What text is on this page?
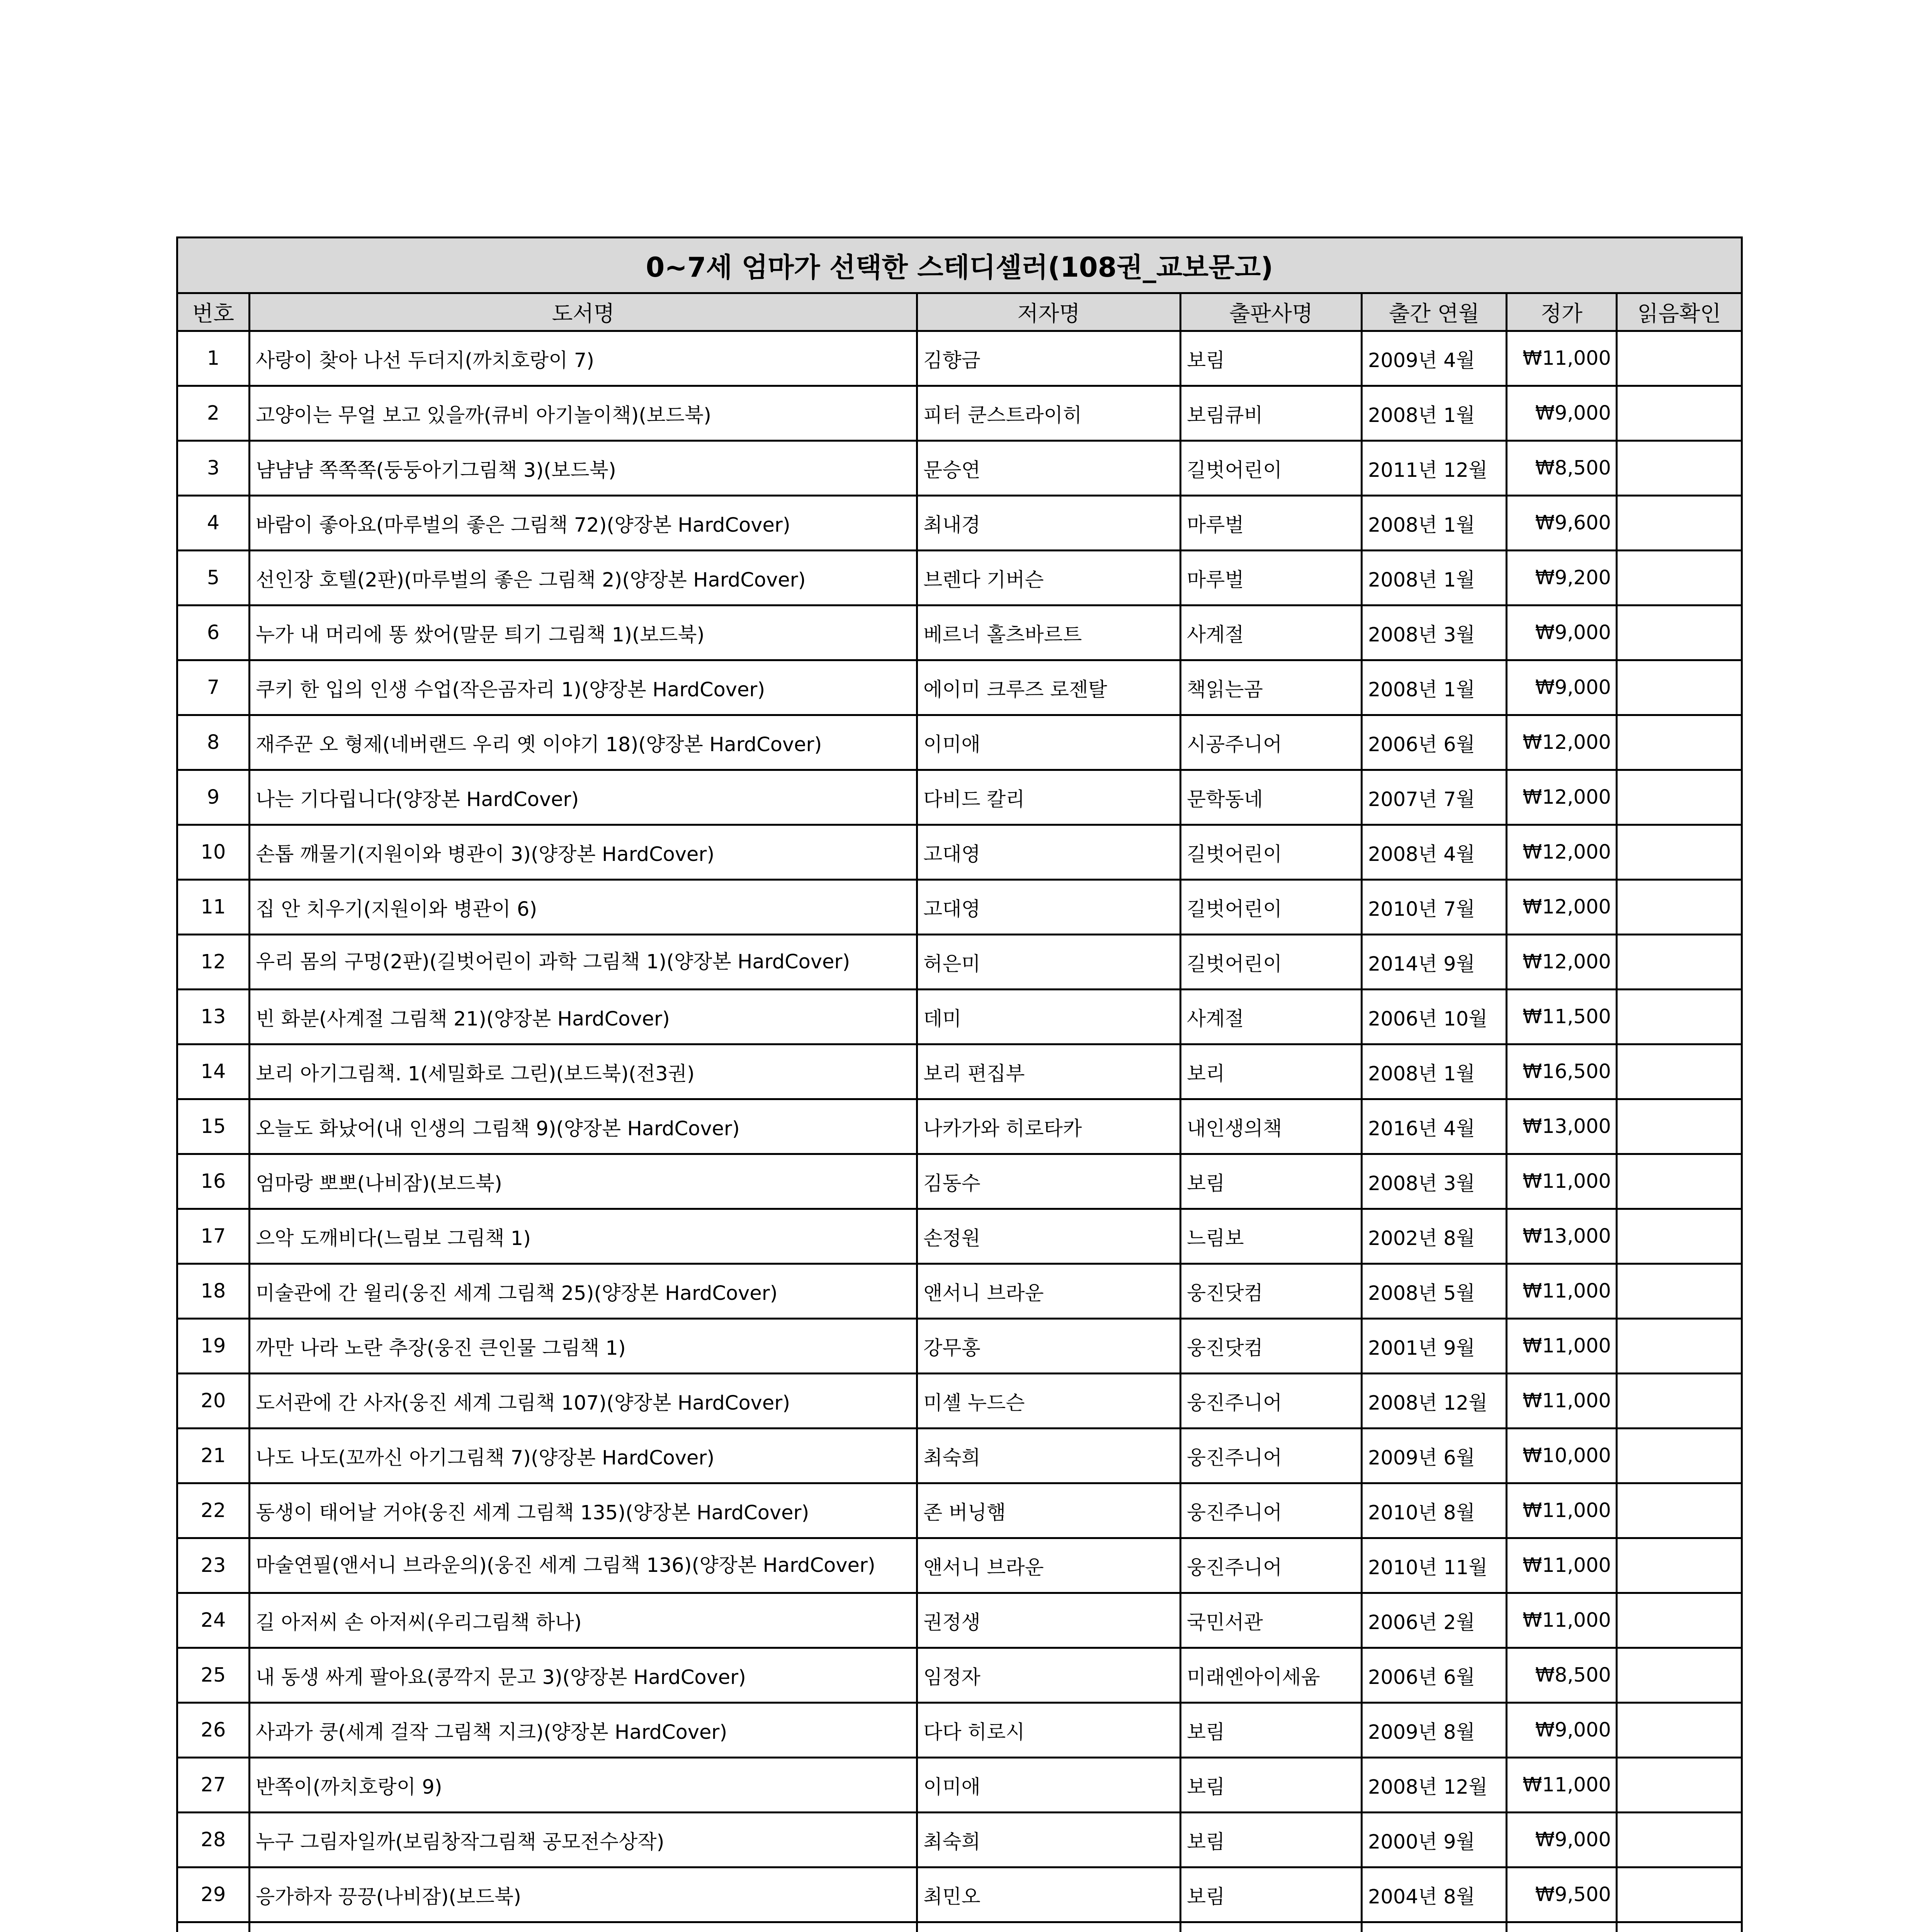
0~7세 엄마가 선택한 스테디셀러(108권_교보문고)						
번호	도서명	저자명	출판사명	출간 연월	정가	읽음확인
1	사랑이 찾아 나선 두더지(까치호랑이 7)	김향금	보림	2009년 4월	₩11,000	
2	고양이는 무얼 보고 있을까(큐비 아기놀이책)(보드북)	피터 쿤스트라이히	보림큐비	2008년 1월	₩9,000	
3	냠냠냠 쪽쪽쪽(둥둥아기그림책 3)(보드북)	문승연	길벗어린이	2011년 12월	₩8,500	
4	바람이 좋아요(마루벌의 좋은 그림책 72)(양장본 HardCover)	최내경	마루벌	2008년 1월	₩9,600	
5	선인장 호텔(2판)(마루벌의 좋은 그림책 2)(양장본 HardCover)	브렌다 기버슨	마루벌	2008년 1월	₩9,200	
6	누가 내 머리에 똥 쌌어(말문 틔기 그림책 1)(보드북)	베르너 홀츠바르트	사계절	2008년 3월	₩9,000	
7	쿠키 한 입의 인생 수업(작은곰자리 1)(양장본 HardCover)	에이미 크루즈 로젠탈	책읽는곰	2008년 1월	₩9,000	
8	재주꾼 오 형제(네버랜드 우리 옛 이야기 18)(양장본 HardCover)	이미애	시공주니어	2006년 6월	₩12,000	
9	나는 기다립니다(양장본 HardCover)	다비드 칼리	문학동네	2007년 7월	₩12,000	
10	손톱 깨물기(지원이와 병관이 3)(양장본 HardCover)	고대영	길벗어린이	2008년 4월	₩12,000	
11	집 안 치우기(지원이와 병관이 6)	고대영	길벗어린이	2010년 7월	₩12,000	
12	우리 몸의 구멍(2판)(길벗어린이 과학 그림책 1)(양장본 HardCover)	허은미	길벗어린이	2014년 9월	₩12,000	
13	빈 화분(사계절 그림책 21)(양장본 HardCover)	데미	사계절	2006년 10월	₩11,500	
14	보리 아기그림책. 1(세밀화로 그린)(보드북)(전3권)	보리 편집부	보리	2008년 1월	₩16,500	
15	오늘도 화났어(내 인생의 그림책 9)(양장본 HardCover)	나카가와 히로타카	내인생의책	2016년 4월	₩13,000	
16	엄마랑 뽀뽀(나비잠)(보드북)	김동수	보림	2008년 3월	₩11,000	
17	으악 도깨비다(느림보 그림책 1)	손정원	느림보	2002년 8월	₩13,000	
18	미술관에 간 윌리(웅진 세계 그림책 25)(양장본 HardCover)	앤서니 브라운	웅진닷컴	2008년 5월	₩11,000	
19	까만 나라 노란 추장(웅진 큰인물 그림책 1)	강무홍	웅진닷컴	2001년 9월	₩11,000	
20	도서관에 간 사자(웅진 세계 그림책 107)(양장본 HardCover)	미셸 누드슨	웅진주니어	2008년 12월	₩11,000	
21	나도 나도(꼬까신 아기그림책 7)(양장본 HardCover)	최숙희	웅진주니어	2009년 6월	₩10,000	
22	동생이 태어날 거야(웅진 세계 그림책 135)(양장본 HardCover)	존 버닝햄	웅진주니어	2010년 8월	₩11,000	
23	마술연필(앤서니 브라운의)(웅진 세계 그림책 136)(양장본 HardCover)	앤서니 브라운	웅진주니어	2010년 11월	₩11,000	
24	길 아저씨 손 아저씨(우리그림책 하나)	권정생	국민서관	2006년 2월	₩11,000	
25	내 동생 싸게 팔아요(콩깍지 문고 3)(양장본 HardCover)	임정자	미래엔아이세움	2006년 6월	₩8,500	
26	사과가 쿵(세계 걸작 그림책 지크)(양장본 HardCover)	다다 히로시	보림	2009년 8월	₩9,000	
27	반쪽이(까치호랑이 9)	이미애	보림	2008년 12월	₩11,000	
28	누구 그림자일까(보림창작그림책 공모전수상작)	최숙희	보림	2000년 9월	₩9,000	
29	응가하자 끙끙(나비잠)(보드북)	최민오	보림	2004년 8월	₩9,500	
